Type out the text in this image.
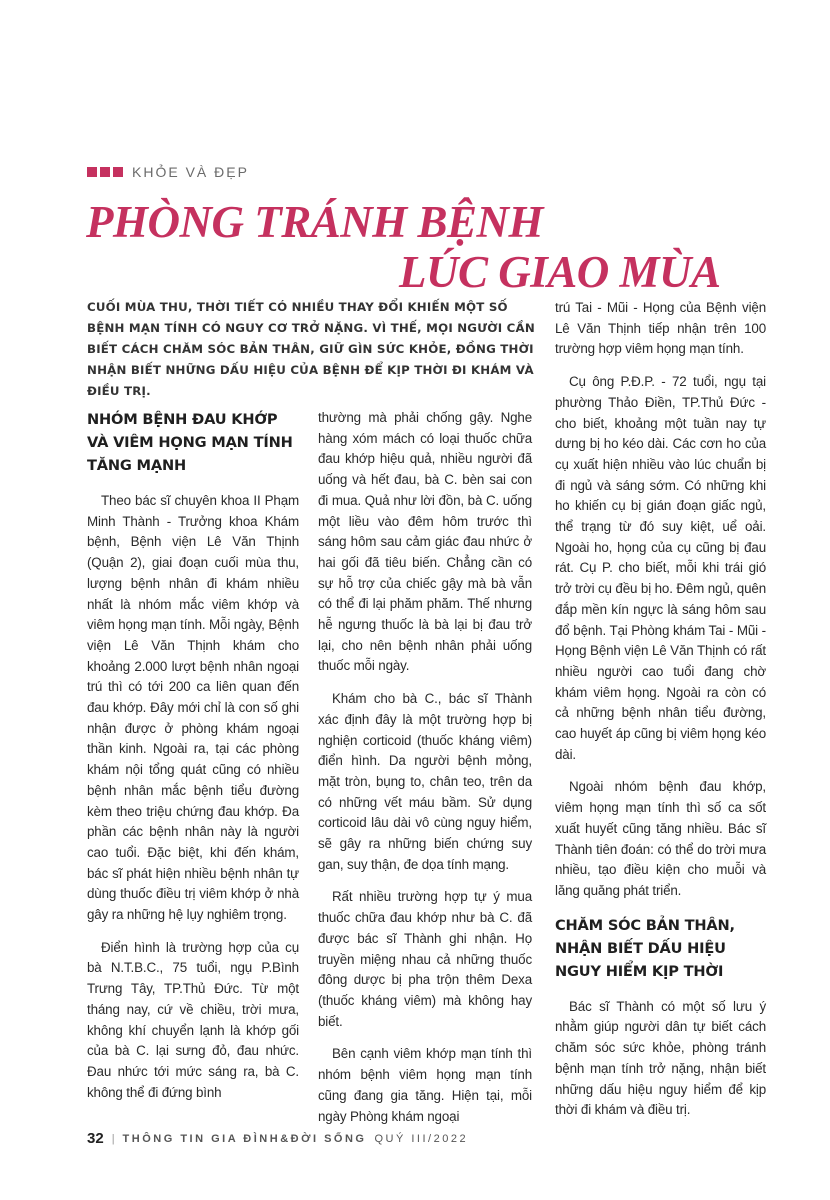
KHỎE VÀ ĐẸP
PHÒNG TRÁNH BỆNH
LÚC GIAO MÙA

CUỐI MÙA THU, THỜI TIẾT CÓ NHIỀU THAY ĐỔI KHIẾN MỘT SỐ BỆNH MẠN TÍNH CÓ NGUY CƠ TRỞ NẶNG. VÌ THẾ, MỌI NGƯỜI CẦN BIẾT CÁCH CHĂM SÓC BẢN THÂN, GIỮ GÌN SỨC KHỎE, ĐỒNG THỜI NHẬN BIẾT NHỮNG DẤU HIỆU CỦA BỆNH ĐỂ KỊP THỜI ĐI KHÁM VÀ ĐIỀU TRỊ.

NHÓM BỆNH ĐAU KHỚP VÀ VIÊM HỌNG MẠN TÍNH TĂNG MẠNH

Theo bác sĩ chuyên khoa II Phạm Minh Thành - Trưởng khoa Khám bệnh, Bệnh viện Lê Văn Thịnh (Quận 2), giai đoạn cuối mùa thu, lượng bệnh nhân đi khám nhiều nhất là nhóm mắc viêm khớp và viêm họng mạn tính. Mỗi ngày, Bệnh viện Lê Văn Thịnh khám cho khoảng 2.000 lượt bệnh nhân ngoại trú thì có tới 200 ca liên quan đến đau khớp. Đây mới chỉ là con số ghi nhận được ở phòng khám ngoại thần kinh. Ngoài ra, tại các phòng khám nội tổng quát cũng có nhiều bệnh nhân mắc bệnh tiểu đường kèm theo triệu chứng đau khớp. Đa phần các bệnh nhân này là người cao tuổi. Đặc biệt, khi đến khám, bác sĩ phát hiện nhiều bệnh nhân tự dùng thuốc điều trị viêm khớp ở nhà gây ra những hệ lụy nghiêm trọng.

Điển hình là trường hợp của cụ bà N.T.B.C., 75 tuổi, ngụ P.Bình Trưng Tây, TP.Thủ Đức. Từ một tháng nay, cứ về chiều, trời mưa, không khí chuyển lạnh là khớp gối của bà C. lại sưng đỏ, đau nhức. Đau nhức tới mức sáng ra, bà C. không thể đi đứng bình

thường mà phải chống gậy. Nghe hàng xóm mách có loại thuốc chữa đau khớp hiệu quả, nhiều người đã uống và hết đau, bà C. bèn sai con đi mua. Quả như lời đồn, bà C. uống một liều vào đêm hôm trước thì sáng hôm sau cảm giác đau nhức ở hai gối đã tiêu biến. Chẳng cần có sự hỗ trợ của chiếc gậy mà bà vẫn có thể đi lại phăm phăm. Thế nhưng hễ ngưng thuốc là bà lại bị đau trở lại, cho nên bệnh nhân phải uống thuốc mỗi ngày.

Khám cho bà C., bác sĩ Thành xác định đây là một trường hợp bị nghiện corticoid (thuốc kháng viêm) điển hình. Da người bệnh mỏng, mặt tròn, bụng to, chân teo, trên da có những vết máu bầm. Sử dụng corticoid lâu dài vô cùng nguy hiểm, sẽ gây ra những biến chứng suy gan, suy thận, đe dọa tính mạng.

Rất nhiều trường hợp tự ý mua thuốc chữa đau khớp như bà C. đã được bác sĩ Thành ghi nhận. Họ truyền miệng nhau cả những thuốc đông dược bị pha trộn thêm Dexa (thuốc kháng viêm) mà không hay biết.

Bên cạnh viêm khớp mạn tính thì nhóm bệnh viêm họng mạn tính cũng đang gia tăng. Hiện tại, mỗi ngày Phòng khám ngoại

trú Tai - Mũi - Họng của Bệnh viện Lê Văn Thịnh tiếp nhận trên 100 trường hợp viêm họng mạn tính.

Cụ ông P.Đ.P. - 72 tuổi, ngụ tại phường Thảo Điền, TP.Thủ Đức - cho biết, khoảng một tuần nay tự dưng bị ho kéo dài. Các cơn ho của cụ xuất hiện nhiều vào lúc chuẩn bị đi ngủ và sáng sớm. Có những khi ho khiến cụ bị gián đoạn giấc ngủ, thể trạng từ đó suy kiệt, uể oải. Ngoài ho, họng của cụ cũng bị đau rát. Cụ P. cho biết, mỗi khi trái gió trở trời cụ đều bị ho. Đêm ngủ, quên đắp mền kín ngực là sáng hôm sau đổ bệnh. Tại Phòng khám Tai - Mũi - Họng Bệnh viện Lê Văn Thịnh có rất nhiều người cao tuổi đang chờ khám viêm họng. Ngoài ra còn có cả những bệnh nhân tiểu đường, cao huyết áp cũng bị viêm họng kéo dài.

Ngoài nhóm bệnh đau khớp, viêm họng mạn tính thì số ca sốt xuất huyết cũng tăng nhiều. Bác sĩ Thành tiên đoán: có thể do trời mưa nhiều, tạo điều kiện cho muỗi và lăng quăng phát triển.

CHĂM SÓC BẢN THÂN, NHẬN BIẾT DẤU HIỆU NGUY HIỂM KỊP THỜI

Bác sĩ Thành có một số lưu ý nhằm giúp người dân tự biết cách chăm sóc sức khỏe, phòng tránh bệnh mạn tính trở nặng, nhận biết những dấu hiệu nguy hiểm để kịp thời đi khám và điều trị.

32 | THÔNG TIN GIA ĐÌNH&ĐỜI SỐNG QUÝ III/2022
